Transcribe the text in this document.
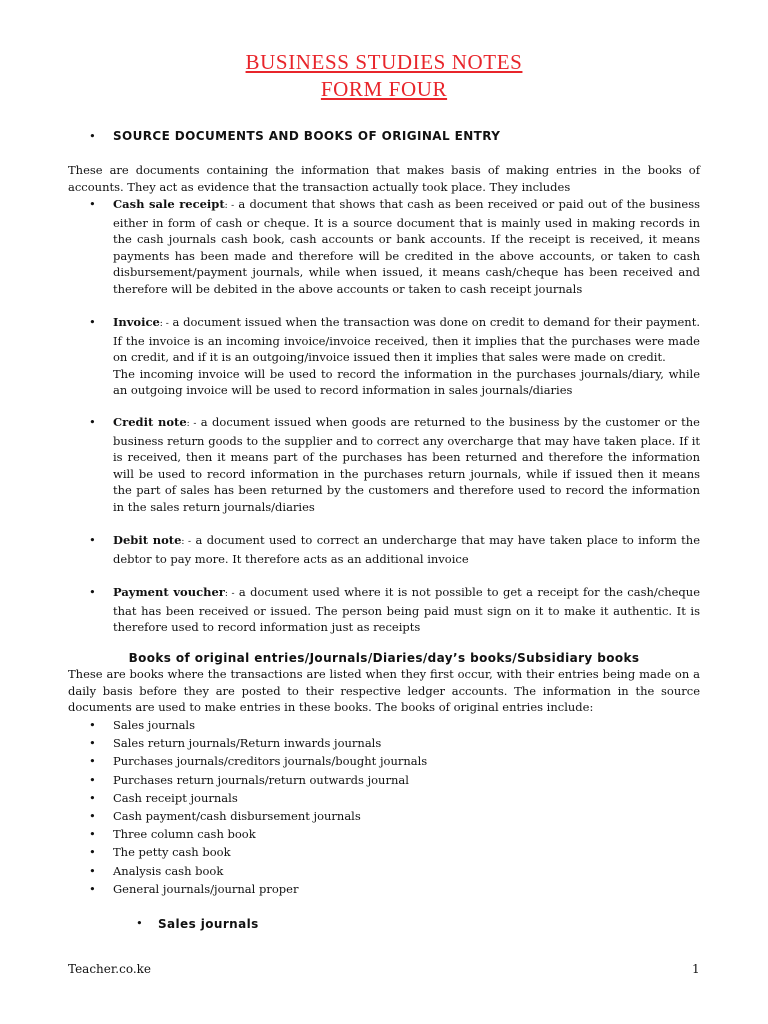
BUSINESS STUDIES NOTES
FORM FOUR
• SOURCE DOCUMENTS AND BOOKS OF ORIGINAL ENTRY
These are documents containing the information that makes basis of making entries in the books of accounts. They act as evidence that the transaction actually took place. They includes
• Cash sale receipt: - a document that shows that cash as been received or paid out of the business either in form of cash or cheque. It is a source document that is mainly used in making records in the cash journals cash book, cash accounts or bank accounts. If the receipt is received, it means payments has been made and therefore will be credited in the above accounts, or taken to cash disbursement/payment journals, while when issued, it means cash/cheque has been received and therefore will be debited in the above accounts or taken to cash receipt journals
• Invoice: - a document issued when the transaction was done on credit to demand for their payment. If the invoice is an incoming invoice/invoice received, then it implies that the purchases were made on credit, and if it is an outgoing/invoice issued then it implies that sales were made on credit.
The incoming invoice will be used to record the information in the purchases journals/diary, while an outgoing invoice will be used to record information in sales journals/diaries
• Credit note: - a document issued when goods are returned to the business by the customer or the business return goods to the supplier and to correct any overcharge that may have taken place. If it is received, then it means part of the purchases has been returned and therefore the information will be used to record information in the purchases return journals, while if issued then it means the part of sales has been returned by the customers and therefore used to record the information in the sales return journals/diaries
• Debit note: - a document used to correct an undercharge that may have taken place to inform the debtor to pay more. It therefore acts as an additional invoice
• Payment voucher: - a document used where it is not possible to get a receipt for the cash/cheque that has been received or issued. The person being paid must sign on it to make it authentic. It is therefore used to record information just as receipts
Books of original entries/Journals/Diaries/day’s books/Subsidiary books
These are books where the transactions are listed when they first occur, with their entries being made on a daily basis before they are posted to their respective ledger accounts. The information in the source documents are used to make entries in these books. The books of original entries include:
• Sales journals
• Sales return journals/Return inwards journals
• Purchases journals/creditors journals/bought journals
• Purchases return journals/return outwards journal
• Cash receipt journals
• Cash payment/cash disbursement journals
• Three column cash book
• The petty cash book
• Analysis cash book
• General journals/journal proper
• Sales journals
Teacher.co.ke	1
